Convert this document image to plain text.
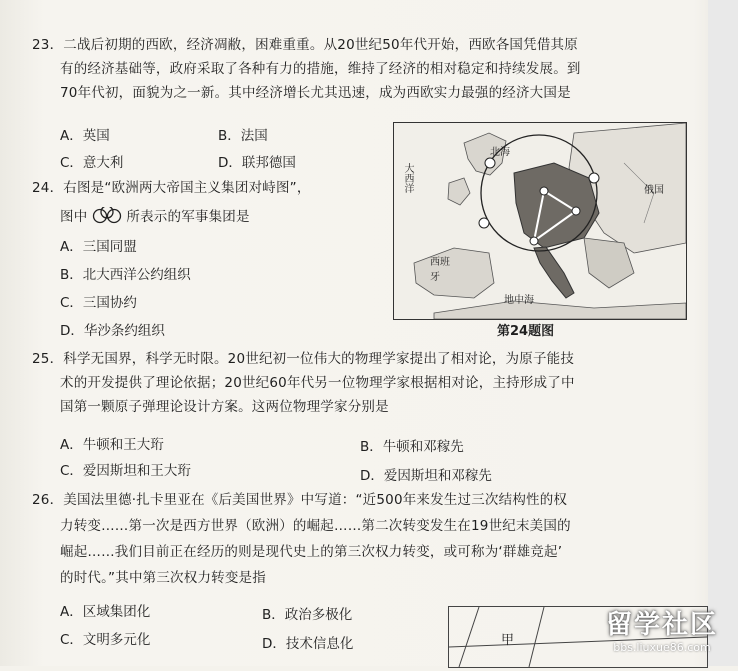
23．二战后初期的西欧，经济凋敝，困难重重。从20世纪50年代开始，西欧各国凭借其原
有的经济基础等，政府采取了各种有力的措施，维持了经济的相对稳定和持续发展。到
70年代初，面貌为之一新。其中经济增长尤其迅速，成为西欧实力最强的经济大国是
A．英国	B．法国
C．意大利	D．联邦德国
24．右图是“欧洲两大帝国主义集团对峙图”，
图中	所表示的军事集团是
A．三国同盟
B．北大西洋公约组织
C．三国协约
D．华沙条约组织
大西洋
北海
西班牙
地中海
俄国
第24题图
25．科学无国界，科学无时限。20世纪初一位伟大的物理学家提出了相对论，为原子能技
术的开发提供了理论依据；20世纪60年代另一位物理学家根据相对论，主持形成了中
国第一颗原子弹理论设计方案。这两位物理学家分别是
A．牛顿和王大珩	B．牛顿和邓稼先
C．爱因斯坦和王大珩	D．爱因斯坦和邓稼先
26．美国法里德·扎卡里亚在《后美国世界》中写道：“近500年来发生过三次结构性的权
力转变……第一次是西方世界（欧洲）的崛起……第二次转变发生在19世纪末美国的
崛起……我们目前正在经历的则是现代史上的第三次权力转变，或可称为‘群雄竞起’
的时代。”其中第三次权力转变是指
A．区域集团化	B．政治多极化
C．文明多元化	D．技术信息化	甲
留学社区
bbs.liuxue86.com
